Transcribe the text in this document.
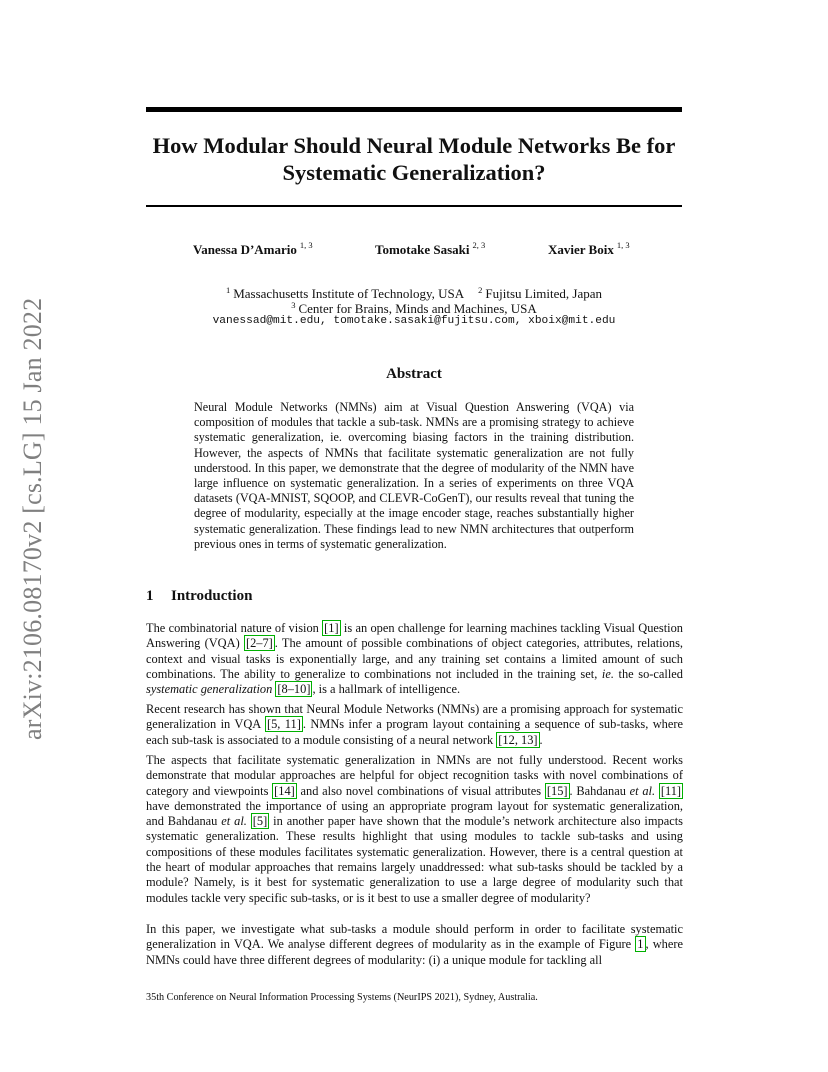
arXiv:2106.08170v2 [cs.LG] 15 Jan 2022
How Modular Should Neural Module Networks Be for Systematic Generalization?
Vanessa D’Amario $^{1, 3}$	Tomotake Sasaki $^{2, 3}$	Xavier Boix $^{1, 3}$
$^1$ Massachusetts Institute of Technology, USA $^2$ Fujitsu Limited, Japan
$^3$ Center for Brains, Minds and Machines, USA
vanessad@mit.edu, tomotake.sasaki@fujitsu.com, xboix@mit.edu
Abstract

Neural Module Networks (NMNs) aim at Visual Question Answering (VQA) via composition of modules that tackle a sub-task. NMNs are a promising strategy to achieve systematic generalization, ie. overcoming biasing factors in the training distribution. However, the aspects of NMNs that facilitate systematic generalization are not fully understood. In this paper, we demonstrate that the degree of modularity of the NMN have large influence on systematic generalization. In a series of experiments on three VQA datasets (VQA-MNIST, SQOOP, and CLEVR-CoGenT), our results reveal that tuning the degree of modularity, especially at the image encoder stage, reaches substantially higher systematic generalization. These findings lead to new NMN architectures that outperform previous ones in terms of systematic generalization.

1 Introduction

The combinatorial nature of vision [1] is an open challenge for learning machines tackling Visual Question Answering (VQA) [2–7] . The amount of possible combinations of object categories, attributes, relations, context and visual tasks is exponentially large, and any training set contains a limited amount of such combinations. The ability to generalize to combinations not included in the training set, ie. the so-called systematic generalization [8–10] , is a hallmark of intelligence.

Recent research has shown that Neural Module Networks (NMNs) are a promising approach for systematic generalization in VQA [5, 11] . NMNs infer a program layout containing a sequence of sub-tasks, where each sub-task is associated to a module consisting of a neural network [12, 13] .

The aspects that facilitate systematic generalization in NMNs are not fully understood. Recent works demonstrate that modular approaches are helpful for object recognition tasks with novel combinations of category and viewpoints [14] and also novel combinations of visual attributes [15] . Bahdanau et al. [11] have demonstrated the importance of using an appropriate program layout for systematic generalization, and Bahdanau et al. [5] in another paper have shown that the module’s network architecture also impacts systematic generalization. These results highlight that using modules to tackle sub-tasks and using compositions of these modules facilitates systematic generalization. However, there is a central question at the heart of modular approaches that remains largely unaddressed: what sub-tasks should be tackled by a module? Namely, is it best for systematic generalization to use a large degree of modularity such that modules tackle very specific sub-tasks, or is it best to use a smaller degree of modularity?

In this paper, we investigate what sub-tasks a module should perform in order to facilitate systematic generalization in VQA. We analyse different degrees of modularity as in the example of Figure 1 , where NMNs could have three different degrees of modularity: (i) a unique module for tackling all

35th Conference on Neural Information Processing Systems (NeurIPS 2021), Sydney, Australia.
